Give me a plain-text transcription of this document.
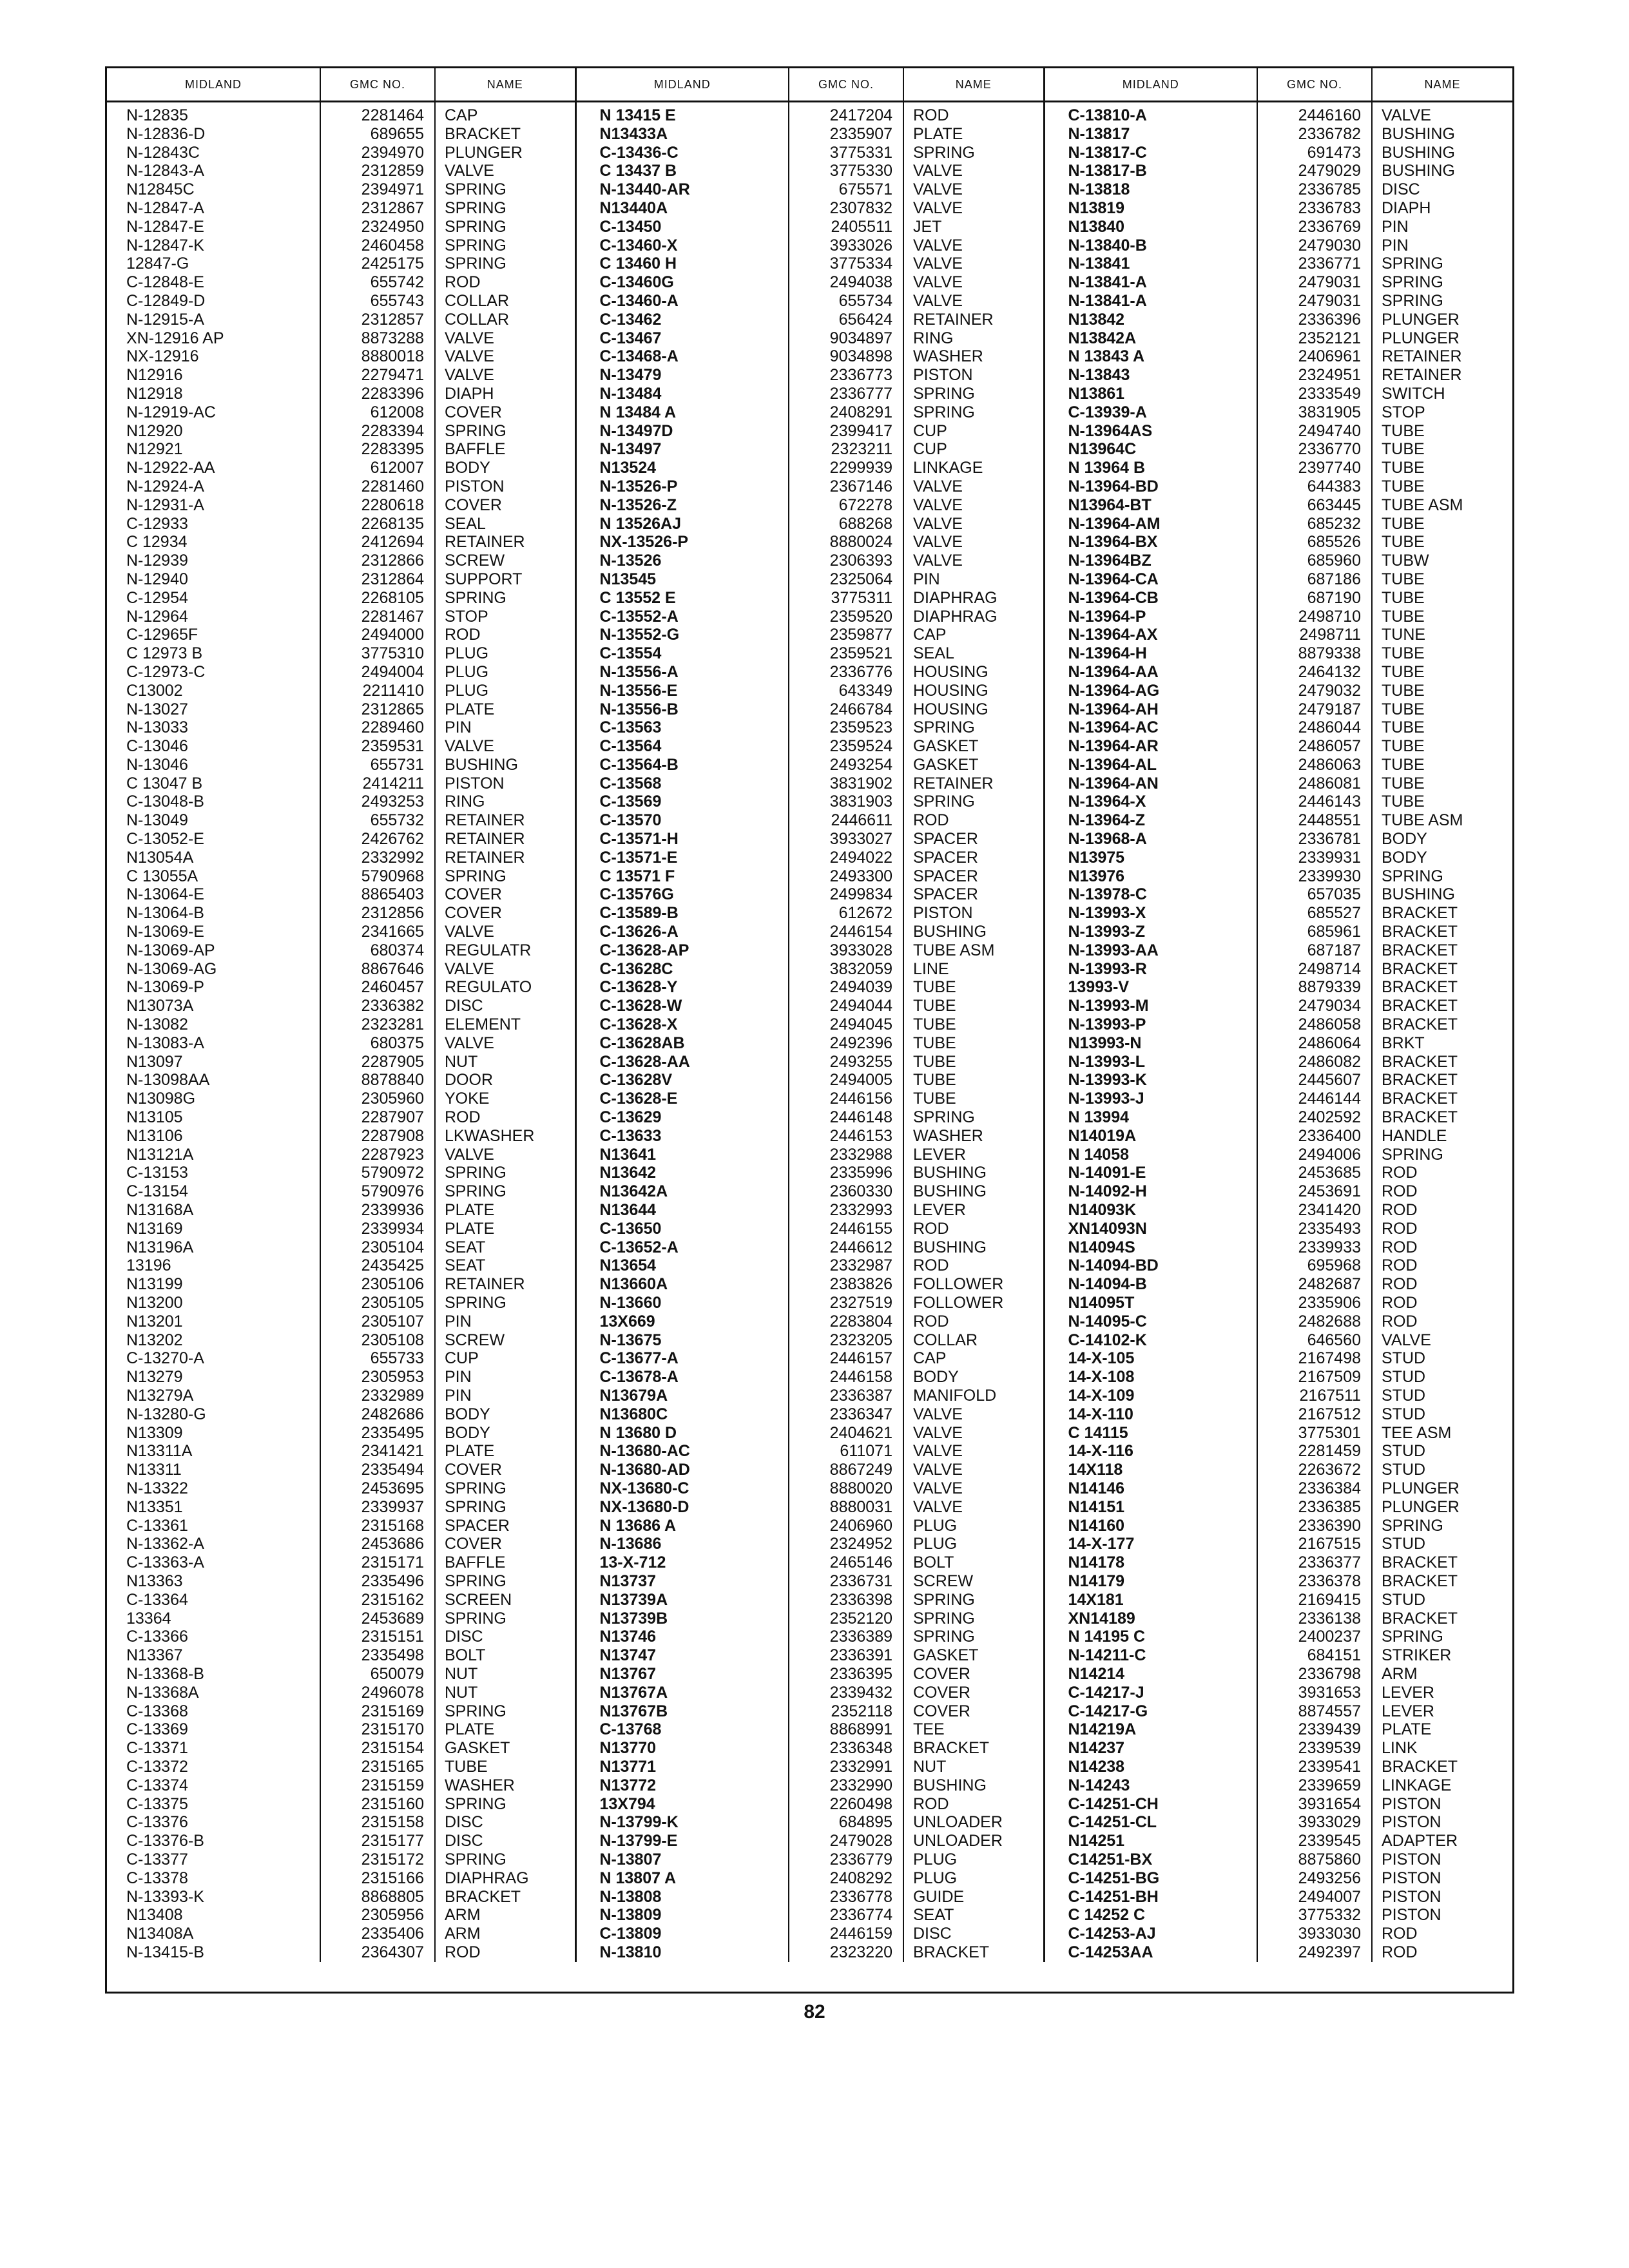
MIDLAND	GMC NO.	NAME	MIDLAND	GMC NO.	NAME	MIDLAND	GMC NO.	NAME
N-12835	2281464	CAP	N 13415 E	2417204	ROD	C-13810-A	2446160	VALVE
N-12836-D	689655	BRACKET	N13433A	2335907	PLATE	N-13817	2336782	BUSHING
N-12843C	2394970	PLUNGER	C-13436-C	3775331	SPRING	N-13817-C	691473	BUSHING
N-12843-A	2312859	VALVE	C 13437 B	3775330	VALVE	N-13817-B	2479029	BUSHING
N12845C	2394971	SPRING	N-13440-AR	675571	VALVE	N-13818	2336785	DISC
N-12847-A	2312867	SPRING	N13440A	2307832	VALVE	N13819	2336783	DIAPH
N-12847-E	2324950	SPRING	C-13450	2405511	JET	N13840	2336769	PIN
N-12847-K	2460458	SPRING	C-13460-X	3933026	VALVE	N-13840-B	2479030	PIN
12847-G	2425175	SPRING	C 13460 H	3775334	VALVE	N-13841	2336771	SPRING
C-12848-E	655742	ROD	C-13460G	2494038	VALVE	N-13841-A	2479031	SPRING
C-12849-D	655743	COLLAR	C-13460-A	655734	VALVE	N-13841-A	2479031	SPRING
N-12915-A	2312857	COLLAR	C-13462	656424	RETAINER	N13842	2336396	PLUNGER
XN-12916 AP	8873288	VALVE	C-13467	9034897	RING	N13842A	2352121	PLUNGER
NX-12916	8880018	VALVE	C-13468-A	9034898	WASHER	N 13843 A	2406961	RETAINER
N12916	2279471	VALVE	N-13479	2336773	PISTON	N-13843	2324951	RETAINER
N12918	2283396	DIAPH	N-13484	2336777	SPRING	N13861	2333549	SWITCH
N-12919-AC	612008	COVER	N 13484 A	2408291	SPRING	C-13939-A	3831905	STOP
N12920	2283394	SPRING	N-13497D	2399417	CUP	N-13964AS	2494740	TUBE
N12921	2283395	BAFFLE	N-13497	2323211	CUP	N13964C	2336770	TUBE
N-12922-AA	612007	BODY	N13524	2299939	LINKAGE	N 13964 B	2397740	TUBE
N-12924-A	2281460	PISTON	N-13526-P	2367146	VALVE	N-13964-BD	644383	TUBE
N-12931-A	2280618	COVER	N-13526-Z	672278	VALVE	N13964-BT	663445	TUBE ASM
C-12933	2268135	SEAL	N 13526AJ	688268	VALVE	N-13964-AM	685232	TUBE
C 12934	2412694	RETAINER	NX-13526-P	8880024	VALVE	N-13964-BX	685526	TUBE
N-12939	2312866	SCREW	N-13526	2306393	VALVE	N-13964BZ	685960	TUBW
N-12940	2312864	SUPPORT	N13545	2325064	PIN	N-13964-CA	687186	TUBE
C-12954	2268105	SPRING	C 13552 E	3775311	DIAPHRAG	N-13964-CB	687190	TUBE
N-12964	2281467	STOP	C-13552-A	2359520	DIAPHRAG	N-13964-P	2498710	TUBE
C-12965F	2494000	ROD	N-13552-G	2359877	CAP	N-13964-AX	2498711	TUNE
C 12973 B	3775310	PLUG	C-13554	2359521	SEAL	N-13964-H	8879338	TUBE
C-12973-C	2494004	PLUG	N-13556-A	2336776	HOUSING	N-13964-AA	2464132	TUBE
C13002	2211410	PLUG	N-13556-E	643349	HOUSING	N-13964-AG	2479032	TUBE
N-13027	2312865	PLATE	N-13556-B	2466784	HOUSING	N-13964-AH	2479187	TUBE
N-13033	2289460	PIN	C-13563	2359523	SPRING	N-13964-AC	2486044	TUBE
C-13046	2359531	VALVE	C-13564	2359524	GASKET	N-13964-AR	2486057	TUBE
N-13046	655731	BUSHING	C-13564-B	2493254	GASKET	N-13964-AL	2486063	TUBE
C 13047 B	2414211	PISTON	C-13568	3831902	RETAINER	N-13964-AN	2486081	TUBE
C-13048-B	2493253	RING	C-13569	3831903	SPRING	N-13964-X	2446143	TUBE
N-13049	655732	RETAINER	C-13570	2446611	ROD	N-13964-Z	2448551	TUBE ASM
C-13052-E	2426762	RETAINER	C-13571-H	3933027	SPACER	N-13968-A	2336781	BODY
N13054A	2332992	RETAINER	C-13571-E	2494022	SPACER	N13975	2339931	BODY
C 13055A	5790968	SPRING	C 13571 F	2493300	SPACER	N13976	2339930	SPRING
N-13064-E	8865403	COVER	C-13576G	2499834	SPACER	N-13978-C	657035	BUSHING
N-13064-B	2312856	COVER	C-13589-B	612672	PISTON	N-13993-X	685527	BRACKET
N-13069-E	2341665	VALVE	C-13626-A	2446154	BUSHING	N-13993-Z	685961	BRACKET
N-13069-AP	680374	REGULATR	C-13628-AP	3933028	TUBE ASM	N-13993-AA	687187	BRACKET
N-13069-AG	8867646	VALVE	C-13628C	3832059	LINE	N-13993-R	2498714	BRACKET
N-13069-P	2460457	REGULATO	C-13628-Y	2494039	TUBE	13993-V	8879339	BRACKET
N13073A	2336382	DISC	C-13628-W	2494044	TUBE	N-13993-M	2479034	BRACKET
N-13082	2323281	ELEMENT	C-13628-X	2494045	TUBE	N-13993-P	2486058	BRACKET
N-13083-A	680375	VALVE	C-13628AB	2492396	TUBE	N13993-N	2486064	BRKT
N13097	2287905	NUT	C-13628-AA	2493255	TUBE	N-13993-L	2486082	BRACKET
N-13098AA	8878840	DOOR	C-13628V	2494005	TUBE	N-13993-K	2445607	BRACKET
N13098G	2305960	YOKE	C-13628-E	2446156	TUBE	N-13993-J	2446144	BRACKET
N13105	2287907	ROD	C-13629	2446148	SPRING	N 13994	2402592	BRACKET
N13106	2287908	LKWASHER	C-13633	2446153	WASHER	N14019A	2336400	HANDLE
N13121A	2287923	VALVE	N13641	2332988	LEVER	N 14058	2494006	SPRING
C-13153	5790972	SPRING	N13642	2335996	BUSHING	N-14091-E	2453685	ROD
C-13154	5790976	SPRING	N13642A	2360330	BUSHING	N-14092-H	2453691	ROD
N13168A	2339936	PLATE	N13644	2332993	LEVER	N14093K	2341420	ROD
N13169	2339934	PLATE	C-13650	2446155	ROD	XN14093N	2335493	ROD
N13196A	2305104	SEAT	C-13652-A	2446612	BUSHING	N14094S	2339933	ROD
13196	2435425	SEAT	N13654	2332987	ROD	N-14094-BD	695968	ROD
N13199	2305106	RETAINER	N13660A	2383826	FOLLOWER	N-14094-B	2482687	ROD
N13200	2305105	SPRING	N-13660	2327519	FOLLOWER	N14095T	2335906	ROD
N13201	2305107	PIN	13X669	2283804	ROD	N-14095-C	2482688	ROD
N13202	2305108	SCREW	N-13675	2323205	COLLAR	C-14102-K	646560	VALVE
C-13270-A	655733	CUP	C-13677-A	2446157	CAP	14-X-105	2167498	STUD
N13279	2305953	PIN	C-13678-A	2446158	BODY	14-X-108	2167509	STUD
N13279A	2332989	PIN	N13679A	2336387	MANIFOLD	14-X-109	2167511	STUD
N-13280-G	2482686	BODY	N13680C	2336347	VALVE	14-X-110	2167512	STUD
N13309	2335495	BODY	N 13680 D	2404621	VALVE	C 14115	3775301	TEE ASM
N13311A	2341421	PLATE	N-13680-AC	611071	VALVE	14-X-116	2281459	STUD
N13311	2335494	COVER	N-13680-AD	8867249	VALVE	14X118	2263672	STUD
N-13322	2453695	SPRING	NX-13680-C	8880020	VALVE	N14146	2336384	PLUNGER
N13351	2339937	SPRING	NX-13680-D	8880031	VALVE	N14151	2336385	PLUNGER
C-13361	2315168	SPACER	N 13686 A	2406960	PLUG	N14160	2336390	SPRING
N-13362-A	2453686	COVER	N-13686	2324952	PLUG	14-X-177	2167515	STUD
C-13363-A	2315171	BAFFLE	13-X-712	2465146	BOLT	N14178	2336377	BRACKET
N13363	2335496	SPRING	N13737	2336731	SCREW	N14179	2336378	BRACKET
C-13364	2315162	SCREEN	N13739A	2336398	SPRING	14X181	2169415	STUD
13364	2453689	SPRING	N13739B	2352120	SPRING	XN14189	2336138	BRACKET
C-13366	2315151	DISC	N13746	2336389	SPRING	N 14195 C	2400237	SPRING
N13367	2335498	BOLT	N13747	2336391	GASKET	N-14211-C	684151	STRIKER
N-13368-B	650079	NUT	N13767	2336395	COVER	N14214	2336798	ARM
N-13368A	2496078	NUT	N13767A	2339432	COVER	C-14217-J	3931653	LEVER
C-13368	2315169	SPRING	N13767B	2352118	COVER	C-14217-G	8874557	LEVER
C-13369	2315170	PLATE	C-13768	8868991	TEE	N14219A	2339439	PLATE
C-13371	2315154	GASKET	N13770	2336348	BRACKET	N14237	2339539	LINK
C-13372	2315165	TUBE	N13771	2332991	NUT	N14238	2339541	BRACKET
C-13374	2315159	WASHER	N13772	2332990	BUSHING	N-14243	2339659	LINKAGE
C-13375	2315160	SPRING	13X794	2260498	ROD	C-14251-CH	3931654	PISTON
C-13376	2315158	DISC	N-13799-K	684895	UNLOADER	C-14251-CL	3933029	PISTON
C-13376-B	2315177	DISC	N-13799-E	2479028	UNLOADER	N14251	2339545	ADAPTER
C-13377	2315172	SPRING	N-13807	2336779	PLUG	C14251-BX	8875860	PISTON
C-13378	2315166	DIAPHRAG	N 13807 A	2408292	PLUG	C-14251-BG	2493256	PISTON
N-13393-K	8868805	BRACKET	N-13808	2336778	GUIDE	C-14251-BH	2494007	PISTON
N13408	2305956	ARM	N-13809	2336774	SEAT	C 14252 C	3775332	PISTON
N13408A	2335406	ARM	C-13809	2446159	DISC	C-14253-AJ	3933030	ROD
N-13415-B	2364307	ROD	N-13810	2323220	BRACKET	C-14253AA	2492397	ROD
82
